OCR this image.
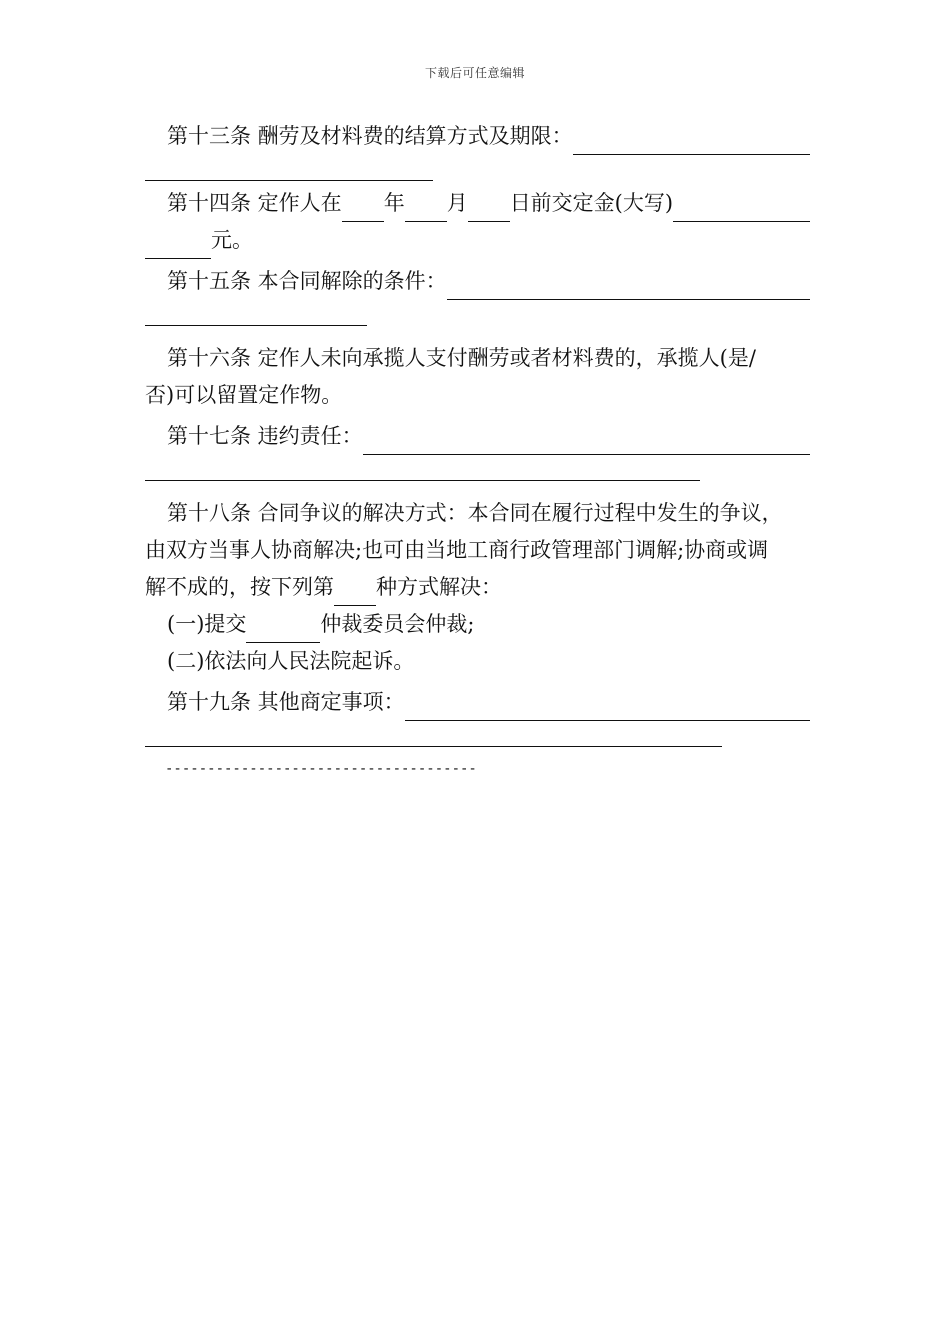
下载后可任意编辑
第十三条 酬劳及材料费的结算方式及期限：
第十四条 定作人在 年 月 日前交定金(大写)
元。
第十五条 本合同解除的条件：
第十六条 定作人未向承揽人支付酬劳或者材料费的，承揽人(是/
否)可以留置定作物。
第十七条 违约责任：
第十八条 合同争议的解决方式：本合同在履行过程中发生的争议，
由双方当事人协商解决;也可由当地工商行政管理部门调解;协商或调
解不成的，按下列第 种方式解决：
(一)提交	仲裁委员会仲裁;
(二)依法向人民法院起诉。
第十九条 其他商定事项：
-------------------------------------
